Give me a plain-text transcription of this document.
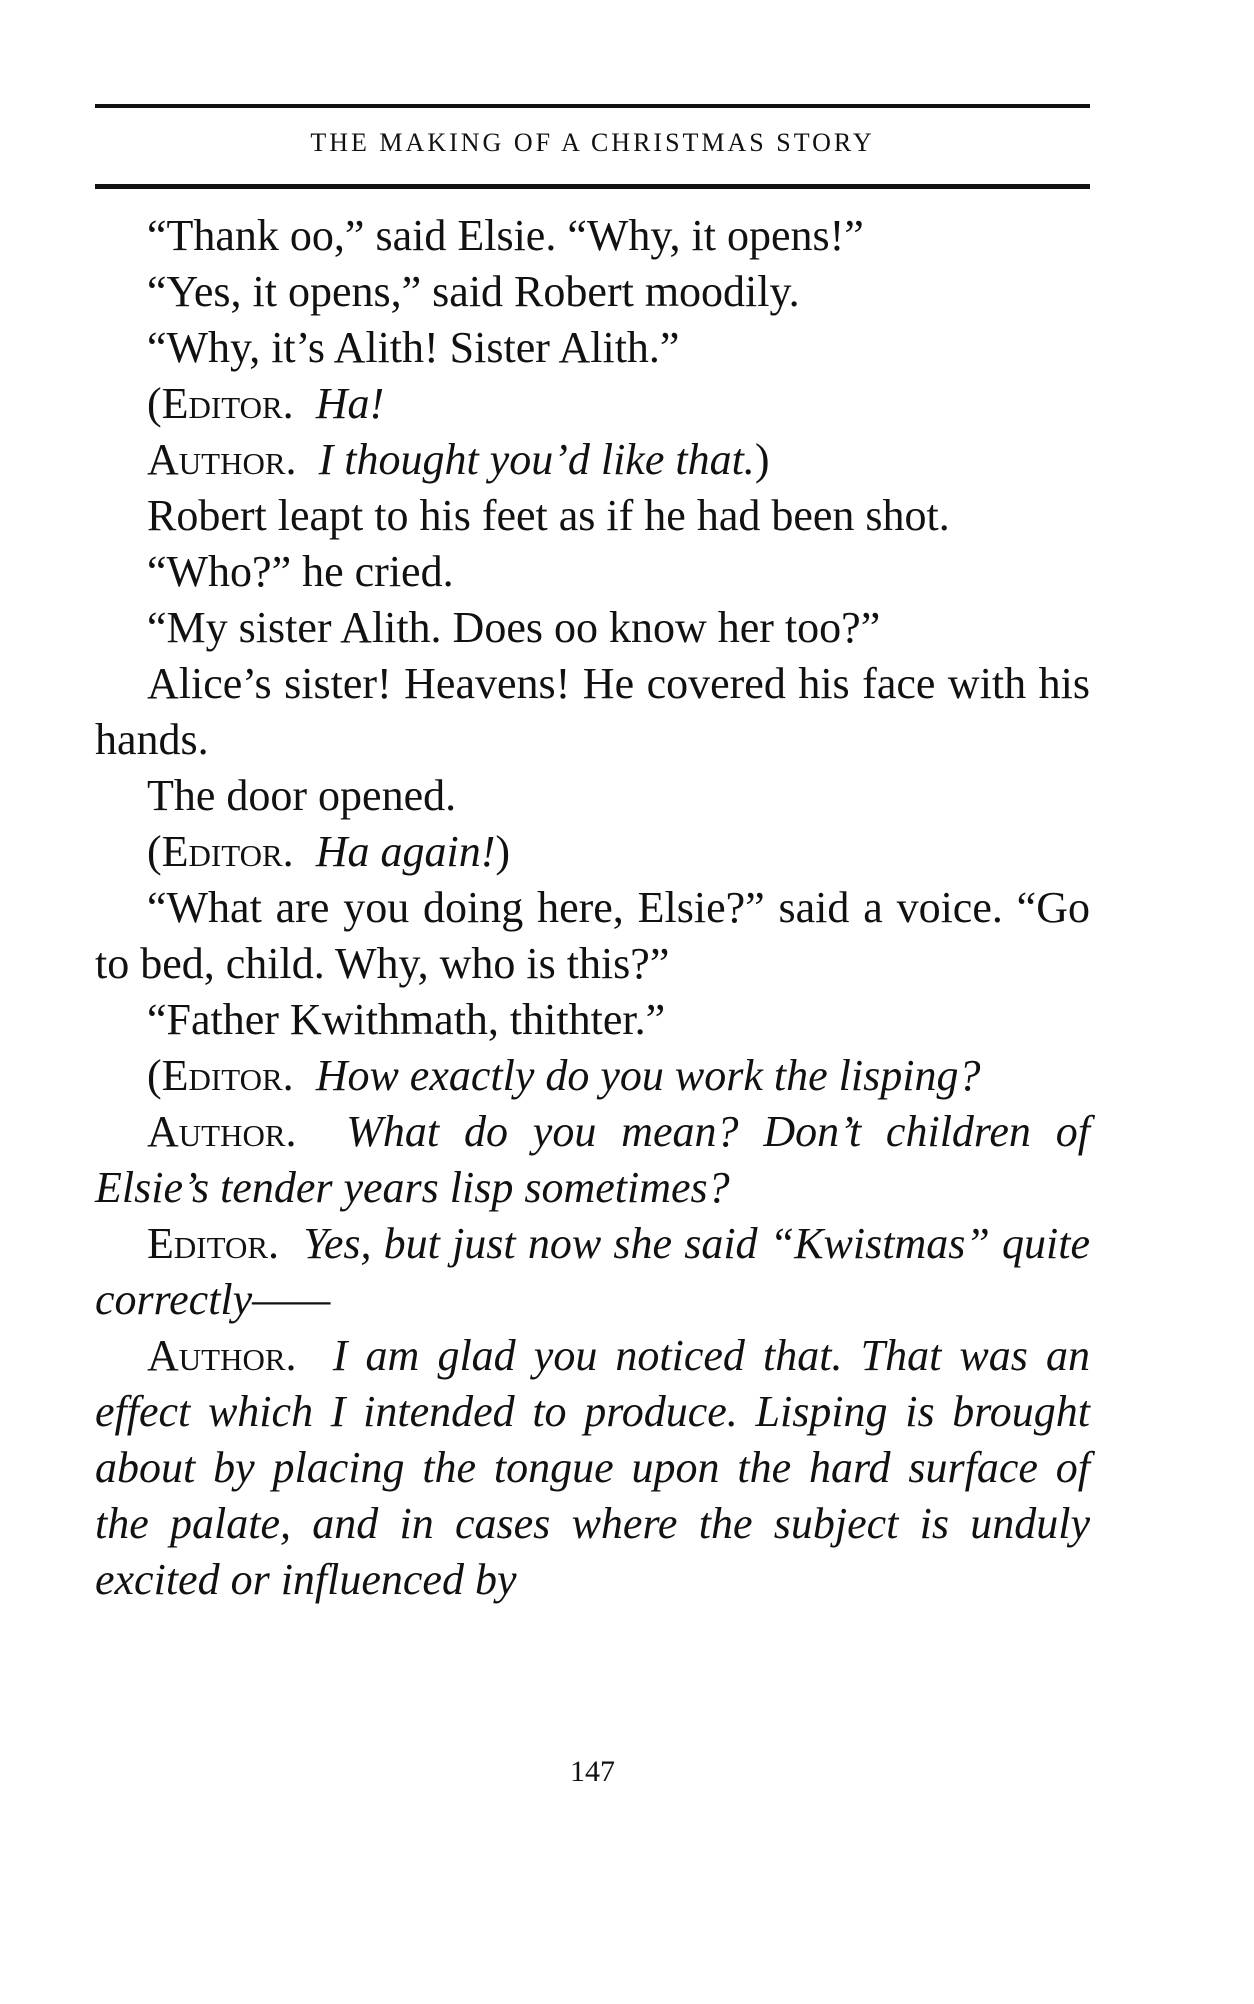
THE MAKING OF A CHRISTMAS STORY

“Thank oo,” said Elsie. “Why, it opens!”

“Yes, it opens,” said Robert moodily.

“Why, it’s Alith! Sister Alith.”

(Editor. Ha!

Author. I thought you’d like that.)

Robert leapt to his feet as if he had been shot.

“Who?” he cried.

“My sister Alith. Does oo know her too?”

Alice’s sister! Heavens! He covered his face with his hands.

The door opened.

(Editor. Ha again!)

“What are you doing here, Elsie?” said a voice. “Go to bed, child. Why, who is this?”

“Father Kwithmath, thithter.”

(Editor. How exactly do you work the lisping?

Author. What do you mean? Don’t children of Elsie’s tender years lisp sometimes?

Editor. Yes, but just now she said “Kwistmas” quite correctly——

Author. I am glad you noticed that. That was an effect which I intended to produce. Lisping is brought about by placing the tongue upon the hard surface of the palate, and in cases where the subject is unduly excited or influenced by

147
